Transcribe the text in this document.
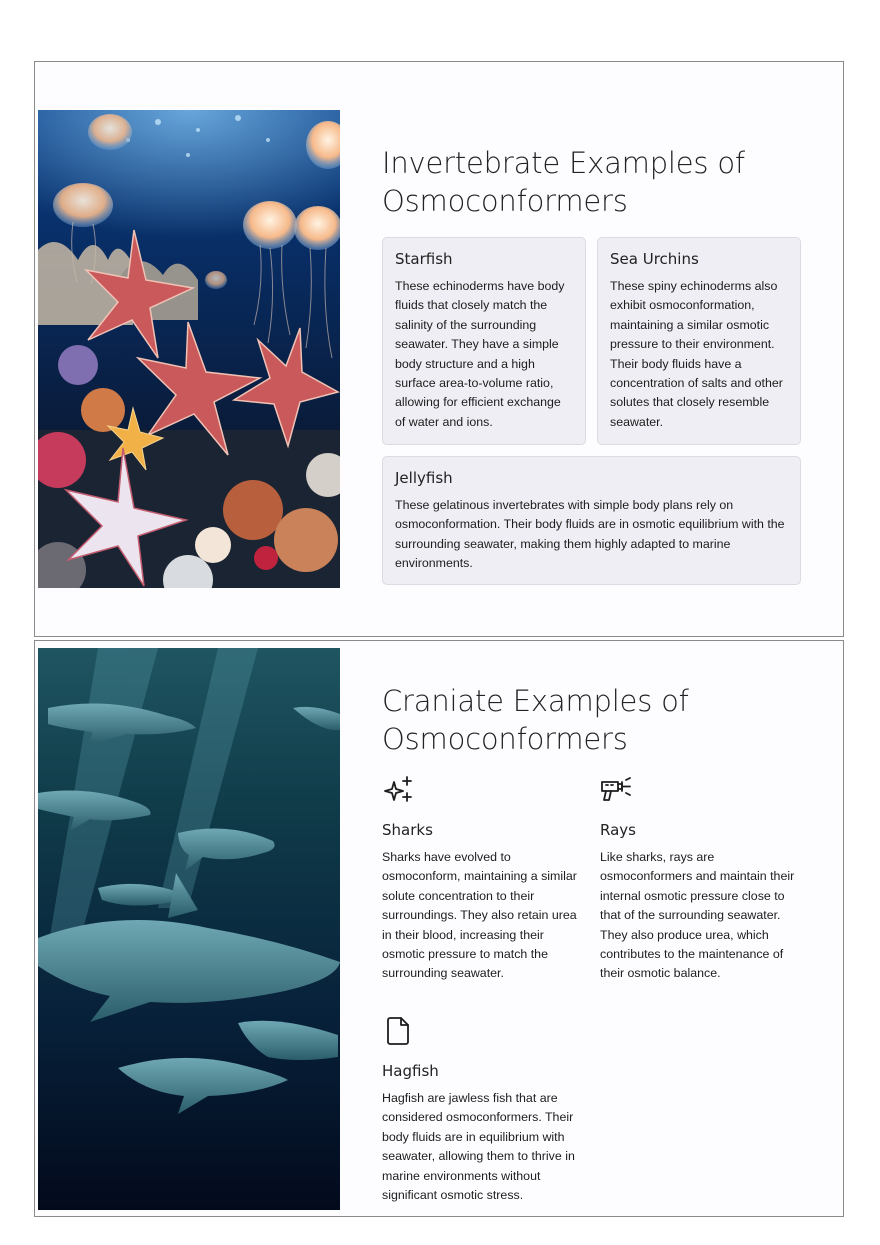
Invertebrate Examples of
Osmoconformers
Starfish

These echinoderms have body fluids that closely match the salinity of the surrounding seawater. They have a simple body structure and a high surface area-to-volume ratio, allowing for efficient exchange of water and ions.

Sea Urchins

These spiny echinoderms also exhibit osmoconformation, maintaining a similar osmotic pressure to their environment. Their body fluids have a concentration of salts and other solutes that closely resemble seawater.

Jellyfish

These gelatinous invertebrates with simple body plans rely on osmoconformation. Their body fluids are in osmotic equilibrium with the surrounding seawater, making them highly adapted to marine environments.

Craniate Examples of
Osmoconformers
Sharks

Sharks have evolved to osmoconform, maintaining a similar solute concentration to their surroundings. They also retain urea in their blood, increasing their osmotic pressure to match the surrounding seawater.

Rays

Like sharks, rays are osmoconformers and maintain their internal osmotic pressure close to that of the surrounding seawater. They also produce urea, which contributes to the maintenance of their osmotic balance.

Hagfish

Hagfish are jawless fish that are considered osmoconformers. Their body fluids are in equilibrium with seawater, allowing them to thrive in marine environments without significant osmotic stress.
